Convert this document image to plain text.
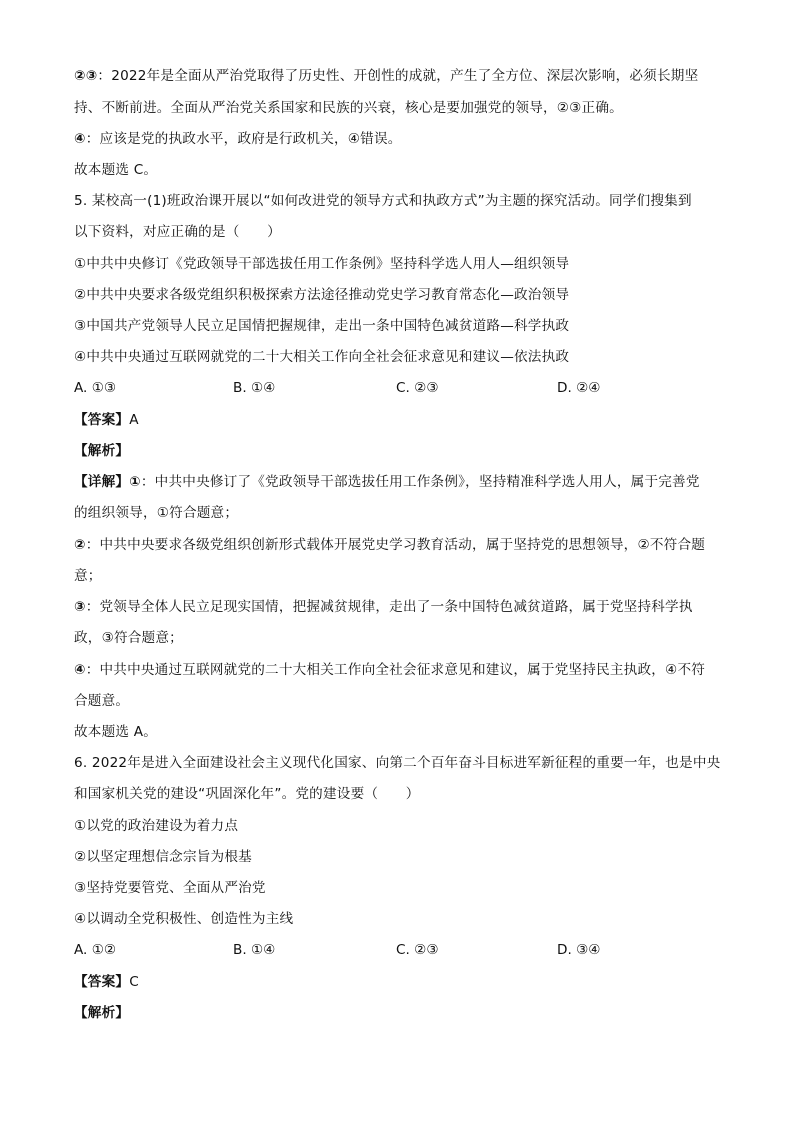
②③：2022年是全面从严治党取得了历史性、开创性的成就，产生了全方位、深层次影响，必须长期坚
持、不断前进。全面从严治党关系国家和民族的兴衰，核心是要加强党的领导，②③正确。
④：应该是党的执政水平，政府是行政机关，④错误。
故本题选 C。
5. 某校高一(1)班政治课开展以“如何改进党的领导方式和执政方式”为主题的探究活动。同学们搜集到
以下资料，对应正确的是（　　）
①中共中央修订《党政领导干部选拔任用工作条例》坚持科学选人用人—组织领导
②中共中央要求各级党组织积极探索方法途径推动党史学习教育常态化—政治领导
③中国共产党领导人民立足国情把握规律，走出一条中国特色减贫道路—科学执政
④中共中央通过互联网就党的二十大相关工作向全社会征求意见和建议—依法执政
A. ①③	B. ①④	C. ②③	D. ②④
【答案】A
【解析】
【详解】①：中共中央修订了《党政领导干部选拔任用工作条例》，坚持精准科学选人用人，属于完善党
的组织领导，①符合题意；
②：中共中央要求各级党组织创新形式载体开展党史学习教育活动，属于坚持党的思想领导，②不符合题
意；
③：党领导全体人民立足现实国情，把握减贫规律，走出了一条中国特色减贫道路，属于党坚持科学执
政，③符合题意；
④：中共中央通过互联网就党的二十大相关工作向全社会征求意见和建议，属于党坚持民主执政，④不符
合题意。
故本题选 A。
6. 2022年是进入全面建设社会主义现代化国家、向第二个百年奋斗目标进军新征程的重要一年，也是中央
和国家机关党的建设“巩固深化年”。党的建设要（　　）
①以党的政治建设为着力点
②以坚定理想信念宗旨为根基
③坚持党要管党、全面从严治党
④以调动全党积极性、创造性为主线
A. ①②	B. ①④	C. ②③	D. ③④
【答案】C
【解析】
